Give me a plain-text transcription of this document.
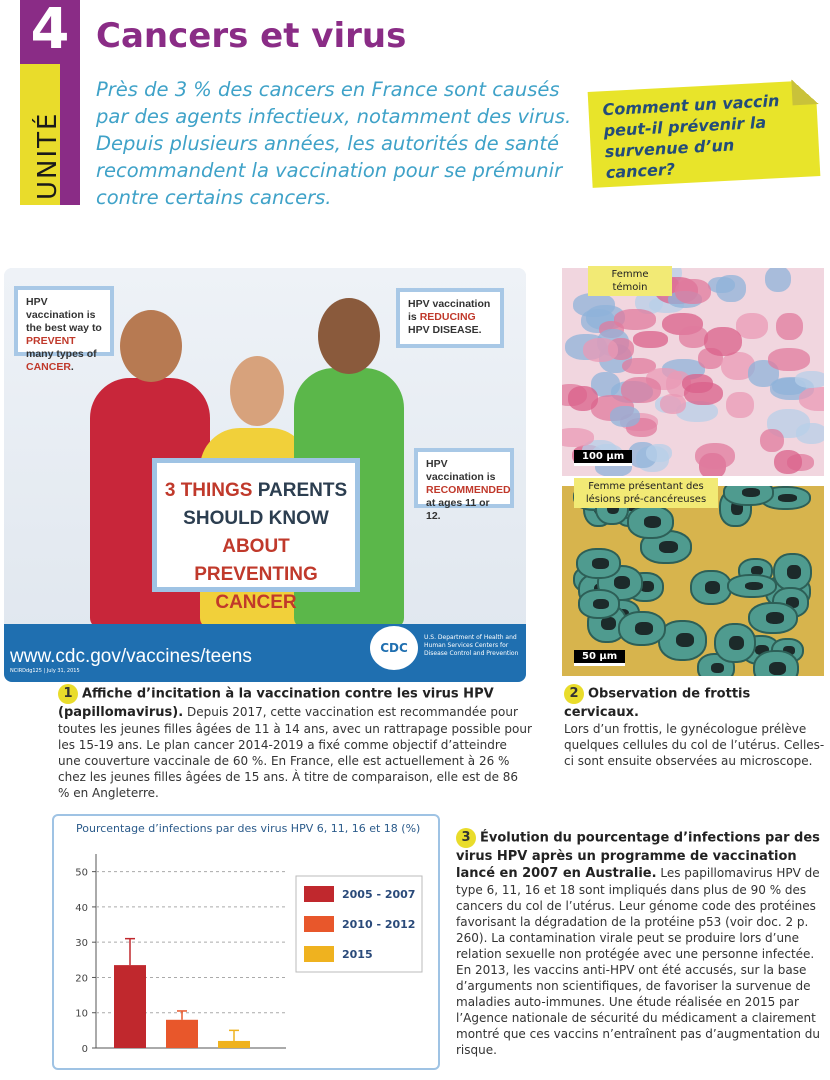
4
UNITÉ
Cancers et virus
Près de 3 % des cancers en France sont causés par des agents infectieux, notamment des virus. Depuis plusieurs années, les autorités de santé recommandent la vaccination pour se prémunir contre certains cancers.
Comment un vaccin peut-il prévenir la survenue d’un cancer?
HPV vaccination is the best way to PREVENT many types of CANCER.
HPV vaccination is REDUCING HPV DISEASE.
HPV vaccination is RECOMMENDED at ages 11 or 12.
3 THINGS PARENTS
SHOULD KNOW ABOUT
PREVENTING CANCER
www.cdc.gov/vaccines/teens
NCIRDdg125 | July 31, 2015
CDC
U.S. Department of Health and Human Services Centers for Disease Control and Prevention
Femme témoin
100 µm
Femme présentant des lésions pré-cancéreuses
50 µm
1 Affiche d’incitation à la vaccination contre les virus HPV (papillomavirus). Depuis 2017, cette vaccination est recommandée pour toutes les jeunes filles âgées de 11 à 14 ans, avec un rattrapage possible pour les 15-19 ans. Le plan cancer 2014-2019 a fixé comme objectif d’atteindre une couverture vaccinale de 60 %. En France, elle est actuellement à 26 % chez les jeunes filles âgées de 15 ans. À titre de comparaison, elle est de 86 % en Angleterre.
2 Observation de frottis cervicaux.
Lors d’un frottis, le gynécologue prélève quelques cellules du col de l’utérus. Celles-ci sont ensuite observées au microscope.
3 Évolution du pourcentage d’infections par des virus HPV après un programme de vaccination lancé en 2007 en Australie. Les papillomavirus HPV de type 6, 11, 16 et 18 sont impliqués dans plus de 90 % des cancers du col de l’utérus. Leur génome code des protéines favorisant la dégradation de la protéine p53 (voir doc. 2 p. 260). La contamination virale peut se produire lors d’une relation sexuelle non protégée avec une personne infectée. En 2013, les vaccins anti-HPV ont été accusés, sur la base d’arguments non scientifiques, de favoriser la survenue de maladies auto-immunes. Une étude réalisée en 2015 par l’Agence nationale de sécurité du médicament a clairement montré que ces vaccins n’entraînent pas d’augmentation du risque.
Pourcentage d’infections par des virus HPV 6, 11, 16 et 18 (%)
0
10
20
30
40
50
2005 - 2007
2010 - 2012
2015
